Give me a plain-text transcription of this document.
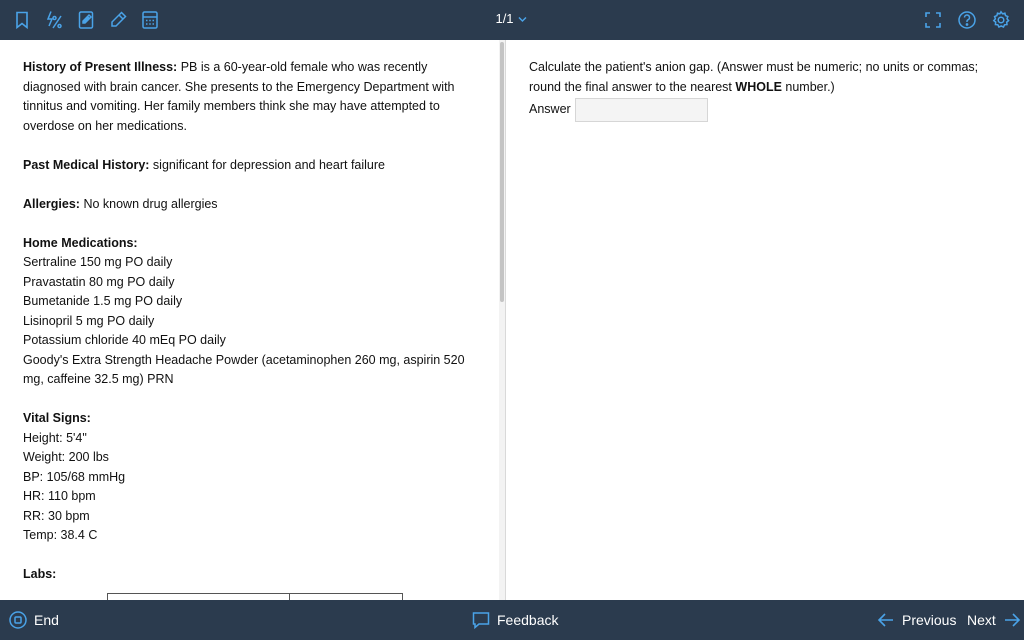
1/1
History of Present Illness: PB is a 60-year-old female who was recently diagnosed with brain cancer. She presents to the Emergency Department with tinnitus and vomiting. Her family members think she may have attempted to overdose on her medications.
Past Medical History: significant for depression and heart failure
Allergies: No known drug allergies
Home Medications:
Sertraline 150 mg PO daily
Pravastatin 80 mg PO daily
Bumetanide 1.5 mg PO daily
Lisinopril 5 mg PO daily
Potassium chloride 40 mEq PO daily
Goody's Extra Strength Headache Powder (acetaminophen 260 mg, aspirin 520 mg, caffeine 32.5 mg) PRN
Vital Signs:
Height: 5'4"
Weight: 200 lbs
BP: 105/68 mmHg
HR: 110 bpm
RR: 30 bpm
Temp: 38.4 C
Labs:
Calculate the patient's anion gap. (Answer must be numeric; no units or commas; round the final answer to the nearest WHOLE number.)
Answer
End	Feedback	Previous Next
